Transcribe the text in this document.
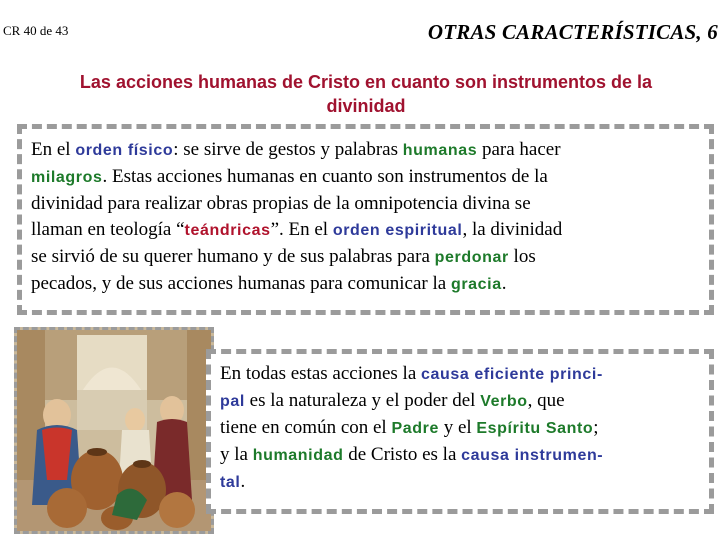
CR 40 de 43	OTRAS CARACTERÍSTICAS, 6
Las acciones humanas de Cristo en cuanto son instrumentos de la
divinidad
En el orden físico: se sirve de gestos y palabras humanas para hacer
milagros. Estas acciones humanas en cuanto son instrumentos de la
divinidad para realizar obras propias de la omnipotencia divina se
llaman en teología “teándricas”. En el orden espiritual, la divinidad
se sirvió de su querer humano y de sus palabras para perdonar los
pecados, y de sus acciones humanas para comunicar la gracia.
En todas estas acciones la causa eficiente princi-
pal es la naturaleza y el poder del Verbo, que
tiene en común con el Padre y el Espíritu Santo;
y la humanidad de Cristo es la causa instrumen-
tal.
